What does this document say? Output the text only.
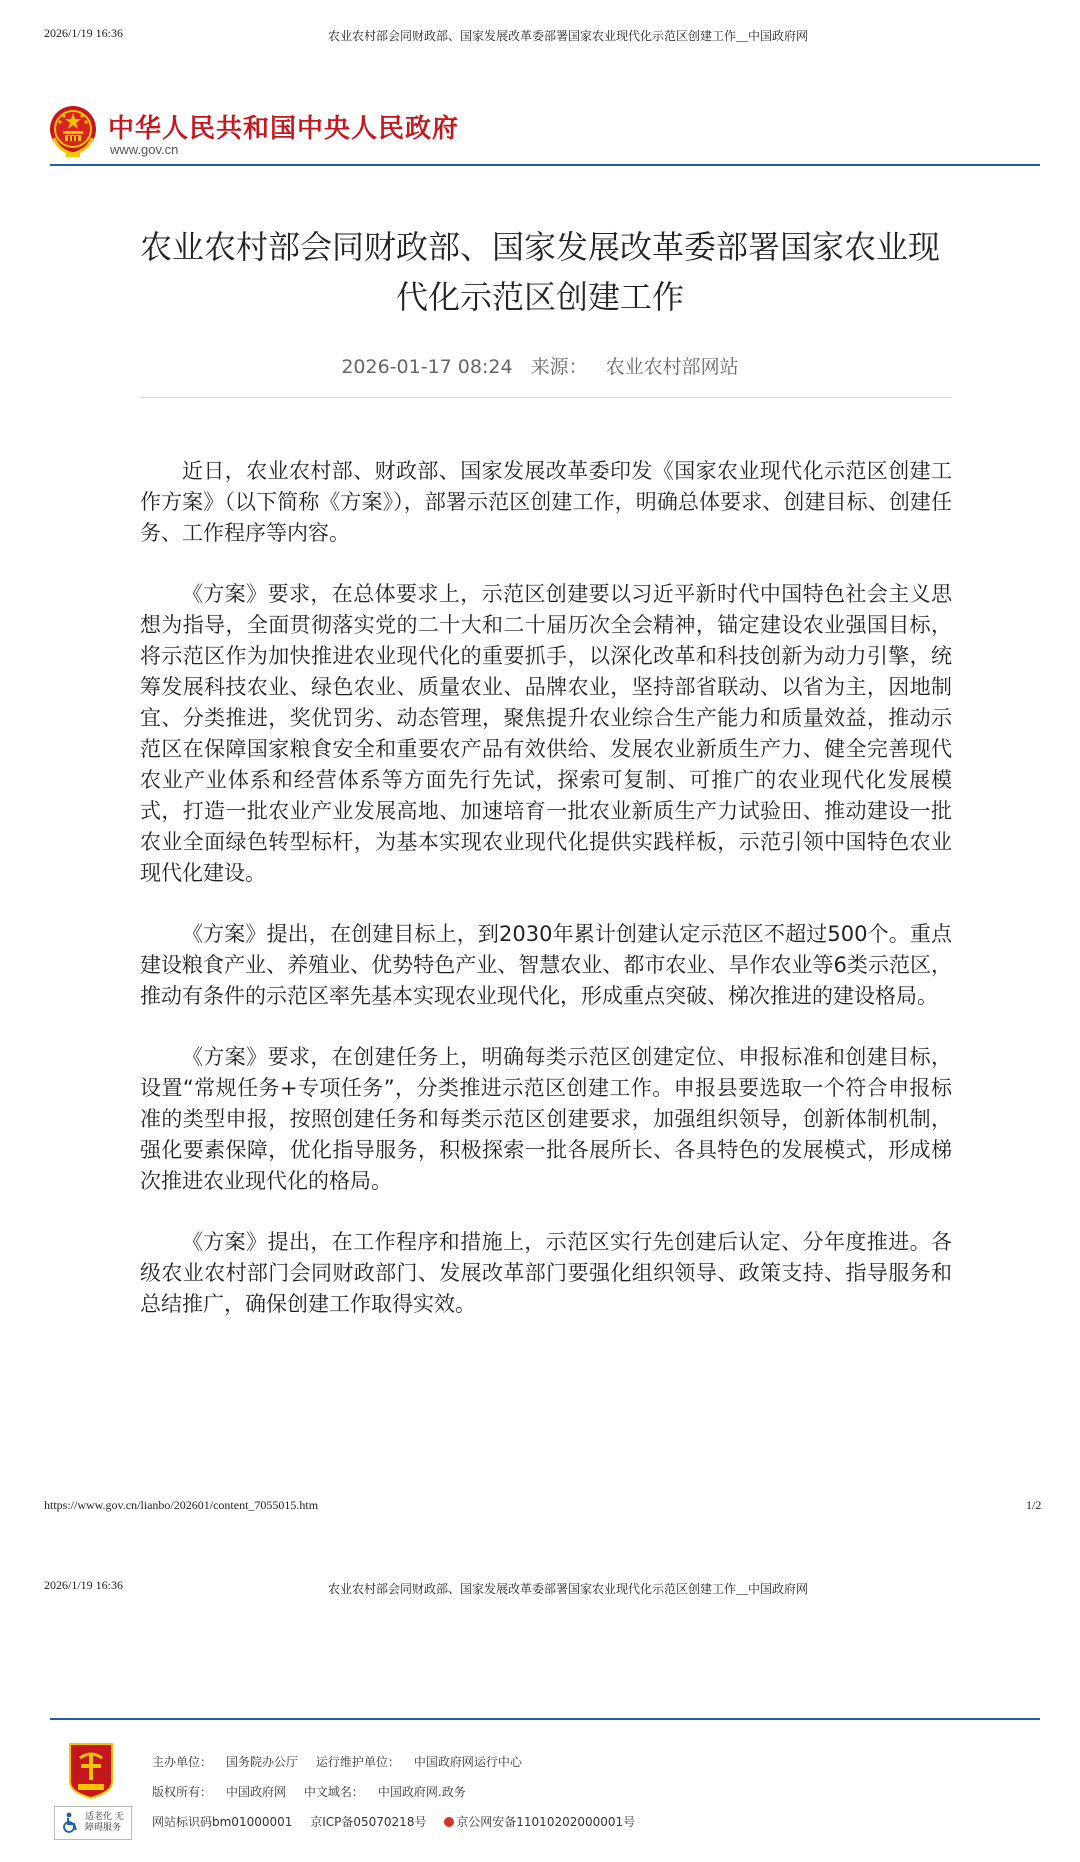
2026/1/19 16:36	农业农村部会同财政部、国家发展改革委部署国家农业现代化示范区创建工作__中国政府网
中华人民共和国中央人民政府
www.gov.cn
农业农村部会同财政部、国家发展改革委部署国家农业现代化示范区创建工作
2026-01-17 08:24 来源： 农业农村部网站

近日，农业农村部、财政部、国家发展改革委印发《国家农业现代化示范区创建工作方案》（以下简称《方案》），部署示范区创建工作，明确总体要求、创建目标、创建任务、工作程序等内容。

《方案》要求，在总体要求上，示范区创建要以习近平新时代中国特色社会主义思想为指导，全面贯彻落实党的二十大和二十届历次全会精神，锚定建设农业强国目标，将示范区作为加快推进农业现代化的重要抓手，以深化改革和科技创新为动力引擎，统筹发展科技农业、绿色农业、质量农业、品牌农业，坚持部省联动、以省为主，因地制宜、分类推进，奖优罚劣、动态管理，聚焦提升农业综合生产能力和质量效益，推动示范区在保障国家粮食安全和重要农产品有效供给、发展农业新质生产力、健全完善现代农业产业体系和经营体系等方面先行先试，探索可复制、可推广的农业现代化发展模式，打造一批农业产业发展高地、加速培育一批农业新质生产力试验田、推动建设一批农业全面绿色转型标杆，为基本实现农业现代化提供实践样板，示范引领中国特色农业现代化建设。

《方案》提出，在创建目标上，到2030年累计创建认定示范区不超过500个。重点建设粮食产业、养殖业、优势特色产业、智慧农业、都市农业、旱作农业等6类示范区，推动有条件的示范区率先基本实现农业现代化，形成重点突破、梯次推进的建设格局。

《方案》要求，在创建任务上，明确每类示范区创建定位、申报标准和创建目标，设置“常规任务+专项任务”，分类推进示范区创建工作。申报县要选取一个符合申报标准的类型申报，按照创建任务和每类示范区创建要求，加强组织领导，创新体制机制，强化要素保障，优化指导服务，积极探索一批各展所长、各具特色的发展模式，形成梯次推进农业现代化的格局。

《方案》提出，在工作程序和措施上，示范区实行先创建后认定、分年度推进。各级农业农村部门会同财政部门、发展改革部门要强化组织领导、政策支持、指导服务和总结推广，确保创建工作取得实效。

https://www.gov.cn/lianbo/202601/content_7055015.htm	1/2
2026/1/19 16:36	农业农村部会同财政部、国家发展改革委部署国家农业现代化示范区创建工作__中国政府网
适老化 无障碍服务
主办单位： 国务院办公厅 运行维护单位： 中国政府网运行中心
版权所有： 中国政府网 中文域名： 中国政府网.政务
网站标识码bm01000001 京ICP备05070218号 京公网安备11010202000001号
